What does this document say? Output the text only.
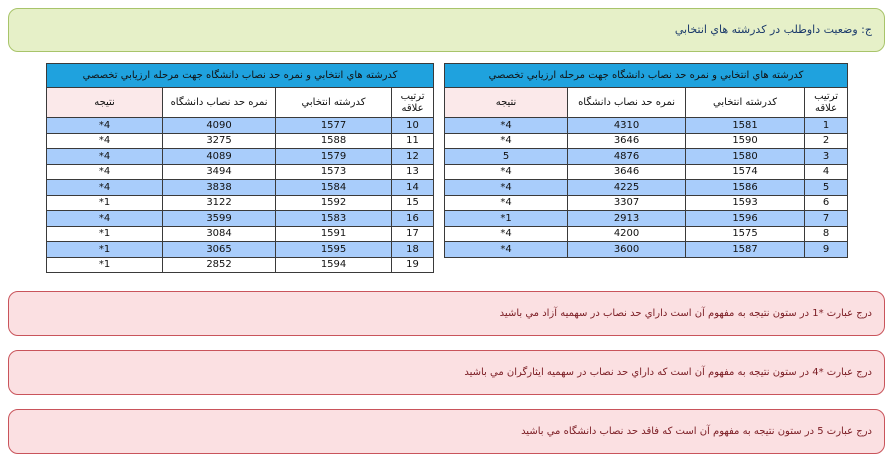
ج: وضعيت داوطلب در كدرشته هاي انتخابي
كدرشته هاي انتخابي و نمره حد نصاب دانشگاه جهت مرحله ارزيابي تخصصي			
ترتيب
علاقه	كدرشته انتخابي	نمره حد نصاب دانشگاه	نتيجه
1	1581	4310	4*
2	1590	3646	4*
3	1580	4876	5
4	1574	3646	4*
5	1586	4225	4*
6	1593	3307	4*
7	1596	2913	1*
8	1575	4200	4*
9	1587	3600	4*
كدرشته هاي انتخابي و نمره حد نصاب دانشگاه جهت مرحله ارزيابي تخصصي			
ترتيب
علاقه	كدرشته انتخابي	نمره حد نصاب دانشگاه	نتيجه
10	1577	4090	4*
11	1588	3275	4*
12	1579	4089	4*
13	1573	3494	4*
14	1584	3838	4*
15	1592	3122	1*
16	1583	3599	4*
17	1591	3084	1*
18	1595	3065	1*
19	1594	2852	1*
درج عبارت *1 در ستون نتيجه به مفهوم آن است داراي حد نصاب در سهميه آزاد مي باشيد
درج عبارت *4 در ستون نتيجه به مفهوم آن است كه داراي حد نصاب در سهميه ايثارگران مي باشيد
درج عبارت 5 در ستون نتيجه به مفهوم آن است كه فاقد حد نصاب دانشگاه مي باشيد
